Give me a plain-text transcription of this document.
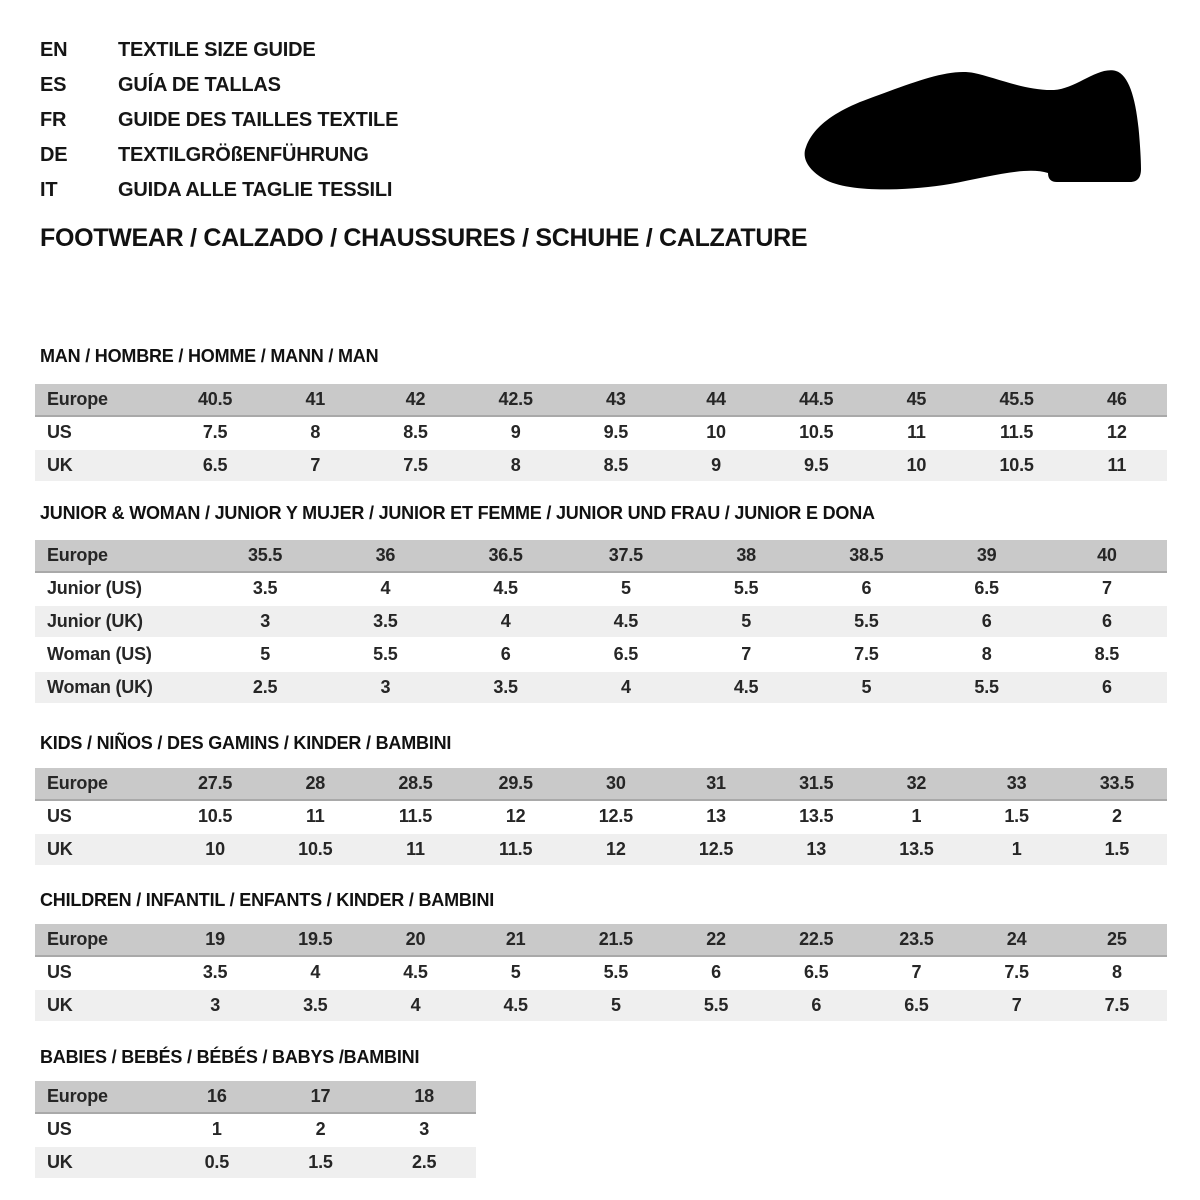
EN	TEXTILE SIZE GUIDE
ES	GUÍA DE TALLAS
FR	GUIDE DES TAILLES TEXTILE
DE	TEXTILGRÖßENFÜHRUNG
IT	GUIDA ALLE TAGLIE TESSILI
FOOTWEAR / CALZADO / CHAUSSURES / SCHUHE / CALZATURE
MAN / HOMBRE / HOMME / MANN / MAN
JUNIOR & WOMAN / JUNIOR Y MUJER / JUNIOR ET FEMME / JUNIOR UND FRAU / JUNIOR E DONA
KIDS / NIÑOS / DES GAMINS / KINDER / BAMBINI
CHILDREN / INFANTIL / ENFANTS / KINDER / BAMBINI
BABIES / BEBÉS / BÉBÉS / BABYS /BAMBINI
Europe	40.5	41	42	42.5	43	44	44.5	45	45.5	46
US	7.5	8	8.5	9	9.5	10	10.5	11	11.5	12
UK	6.5	7	7.5	8	8.5	9	9.5	10	10.5	11
Europe	35.5	36	36.5	37.5	38	38.5	39	40
Junior (US)	3.5	4	4.5	5	5.5	6	6.5	7
Junior (UK)	3	3.5	4	4.5	5	5.5	6	6
Woman (US)	5	5.5	6	6.5	7	7.5	8	8.5
Woman (UK)	2.5	3	3.5	4	4.5	5	5.5	6
Europe	27.5	28	28.5	29.5	30	31	31.5	32	33	33.5
US	10.5	11	11.5	12	12.5	13	13.5	1	1.5	2
UK	10	10.5	11	11.5	12	12.5	13	13.5	1	1.5
Europe	19	19.5	20	21	21.5	22	22.5	23.5	24	25
US	3.5	4	4.5	5	5.5	6	6.5	7	7.5	8
UK	3	3.5	4	4.5	5	5.5	6	6.5	7	7.5
Europe	16	17	18
US	1	2	3
UK	0.5	1.5	2.5
